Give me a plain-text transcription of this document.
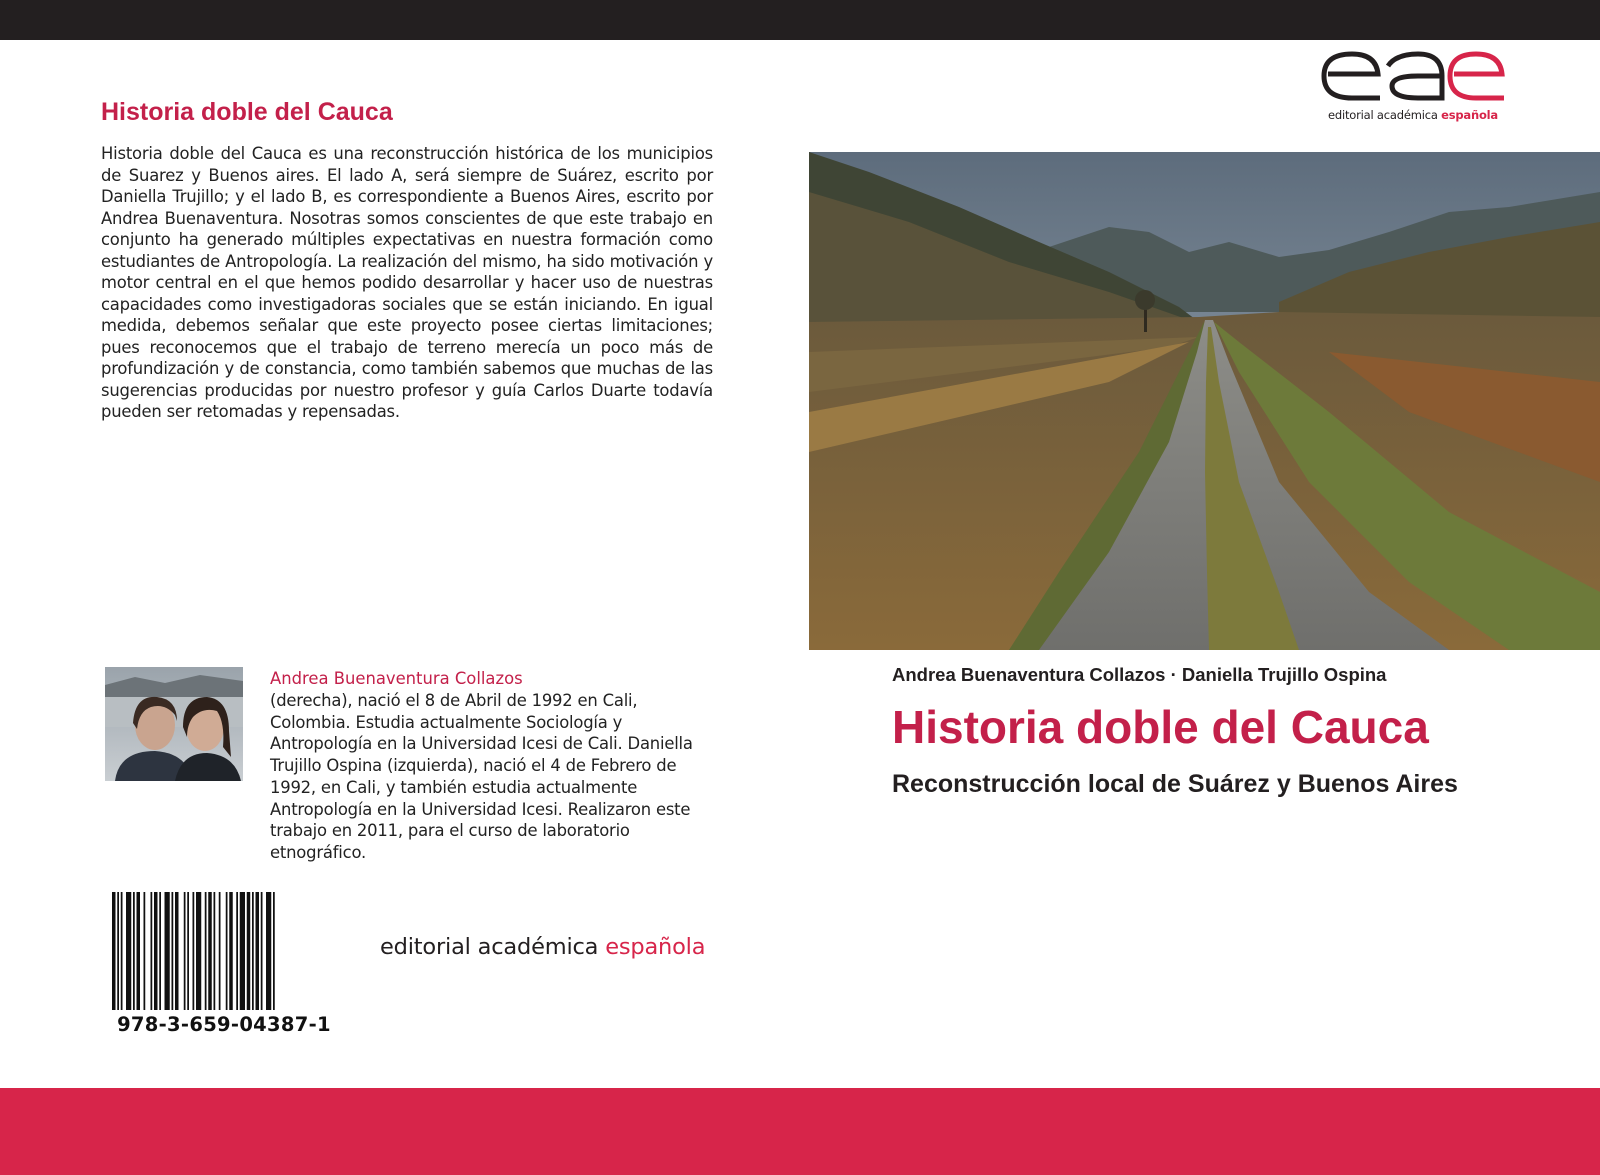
Historia doble del Cauca

Historia doble del Cauca es una reconstrucción histórica de los municipios de Suarez y Buenos aires. El lado A, será siempre de Suárez, escrito por Daniella Trujillo; y el lado B, es correspondiente a Buenos Aires, escrito por Andrea Buenaventura. Nosotras somos conscientes de que este trabajo en conjunto ha generado múltiples expectativas en nuestra formación como estudiantes de Antropología. La realización del mismo, ha sido motivación y motor central en el que hemos podido desarrollar y hacer uso de nuestras capacidades como investigadoras sociales que se están iniciando. En igual medida, debemos señalar que este proyecto posee ciertas limitaciones; pues reconocemos que el trabajo de terreno merecía un poco más de profundización y de constancia, como también sabemos que muchas de las sugerencias producidas por nuestro profesor y guía Carlos Duarte todavía pueden ser retomadas y repensadas.

Andrea Buenaventura Collazos

(derecha), nació el 8 de Abril de 1992 en Cali, Colombia. Estudia actualmente Sociología y Antropología en la Universidad Icesi de Cali. Daniella Trujillo Ospina (izquierda), nació el 4 de Febrero de 1992, en Cali, y también estudia actualmente Antropología en la Universidad Icesi. Realizaron este trabajo en 2011, para el curso de laboratorio etnográfico.

978-3-659-04387-1

editorial académica española

editorial académica española

Andrea Buenaventura Collazos · Daniella Trujillo Ospina

Historia doble del Cauca

Reconstrucción local de Suárez y Buenos Aires
